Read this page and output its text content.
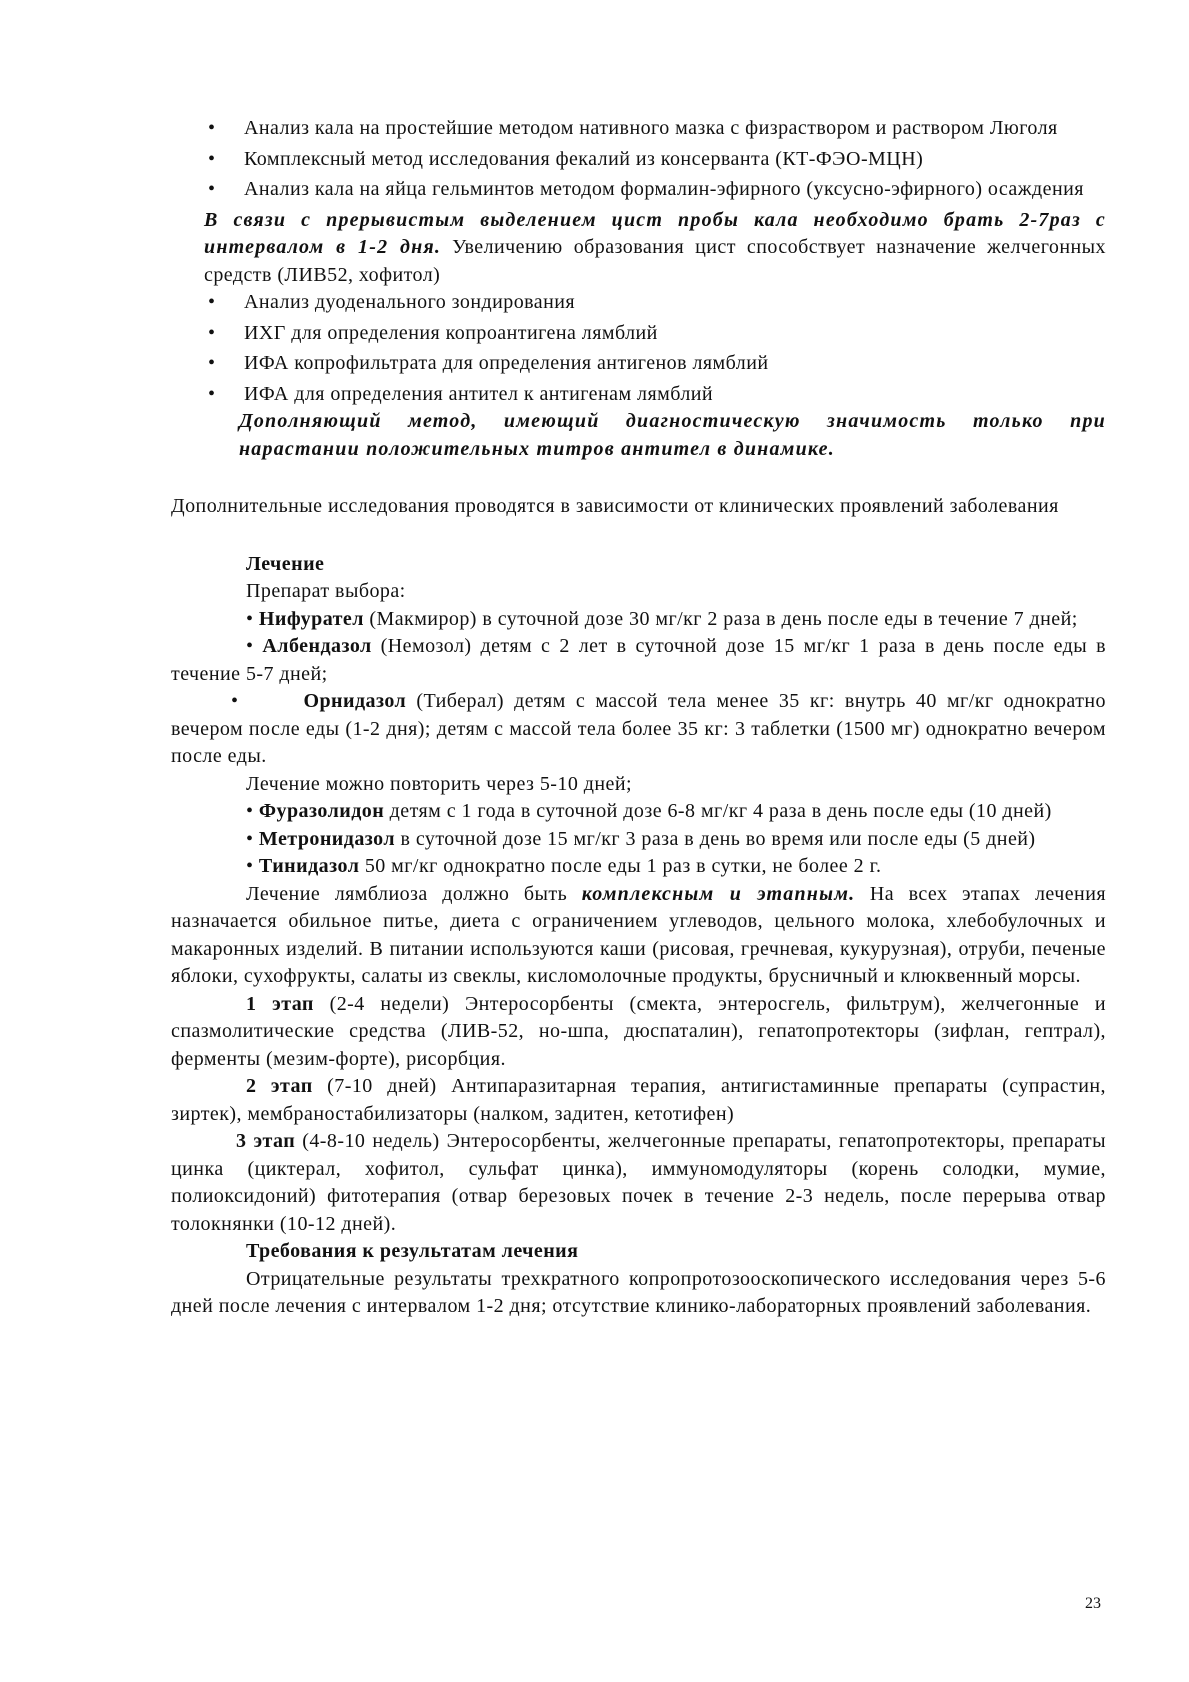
• Анализ кала на простейшие методом нативного мазка с физраствором и раствором Люголя
• Комплексный метод исследования фекалий из консерванта (КТ-ФЭО-МЦН)
• Анализ кала на яйца гельминтов методом формалин-эфирного (уксусно-эфирного) осаждения

В связи с прерывистым выделением цист пробы кала необходимо брать 2-7раз с интервалом в 1-2 дня. Увеличению образования цист способствует назначение желчегонных средств (ЛИВ52, хофитол)

• Анализ дуоденального зондирования
• ИХГ для определения копроантигена лямблий
• ИФА копрофильтрата для определения антигенов лямблий
• ИФА для определения антител к антигенам лямблий

Дополняющий метод, имеющий диагностическую значимость только при нарастании положительных титров антител в динамике.

Дополнительные исследования проводятся в зависимости от клинических проявлений заболевания

Лечение

Препарат выбора:

• Нифурател (Макмирор) в суточной дозе 30 мг/кг 2 раза в день после еды в течение 7 дней;

• Албендазол (Немозол) детям с 2 лет в суточной дозе 15 мг/кг 1 раза в день после еды в течение 5-7 дней;

•	Орнидазол (Тиберал) детям с массой тела менее 35 кг: внутрь 40 мг/кг однократно вечером после еды (1-2 дня); детям с массой тела более 35 кг: 3 таблетки (1500 мг) однократно вечером после еды.

Лечение можно повторить через 5-10 дней;

• Фуразолидон детям с 1 года в суточной дозе 6-8 мг/кг 4 раза в день после еды (10 дней)

• Метронидазол в суточной дозе 15 мг/кг 3 раза в день во время или после еды (5 дней)

• Тинидазол 50 мг/кг однократно после еды 1 раз в сутки, не более 2 г.

Лечение лямблиоза должно быть комплексным и этапным. На всех этапах лечения назначается обильное питье, диета с ограничением углеводов, цельного молока, хлебобулочных и макаронных изделий. В питании используются каши (рисовая, гречневая, кукурузная), отруби, печеные яблоки, сухофрукты, салаты из свеклы, кисломолочные продукты, брусничный и клюквенный морсы.

1 этап (2-4 недели) Энтеросорбенты (смекта, энтеросгель, фильтрум), желчегонные и спазмолитические средства (ЛИВ-52, но-шпа, дюспаталин), гепатопротекторы (зифлан, гептрал), ферменты (мезим-форте), рисорбция.

2 этап (7-10 дней) Антипаразитарная терапия, антигистаминные препараты (супрастин, зиртек), мембраностабилизаторы (налком, задитен, кетотифен)

3 этап (4-8-10 недель) Энтеросорбенты, желчегонные препараты, гепатопротекторы, препараты цинка (циктерал, хофитол, сульфат цинка), иммуномодуляторы (корень солодки, мумие, полиоксидоний) фитотерапия (отвар березовых почек в течение 2-3 недель, после перерыва отвар толокнянки (10-12 дней).

Требования к результатам лечения

Отрицательные результаты трехкратного копропротозооскопического исследования через 5-6 дней после лечения с интервалом 1-2 дня; отсутствие клинико-лабораторных проявлений заболевания.

23
